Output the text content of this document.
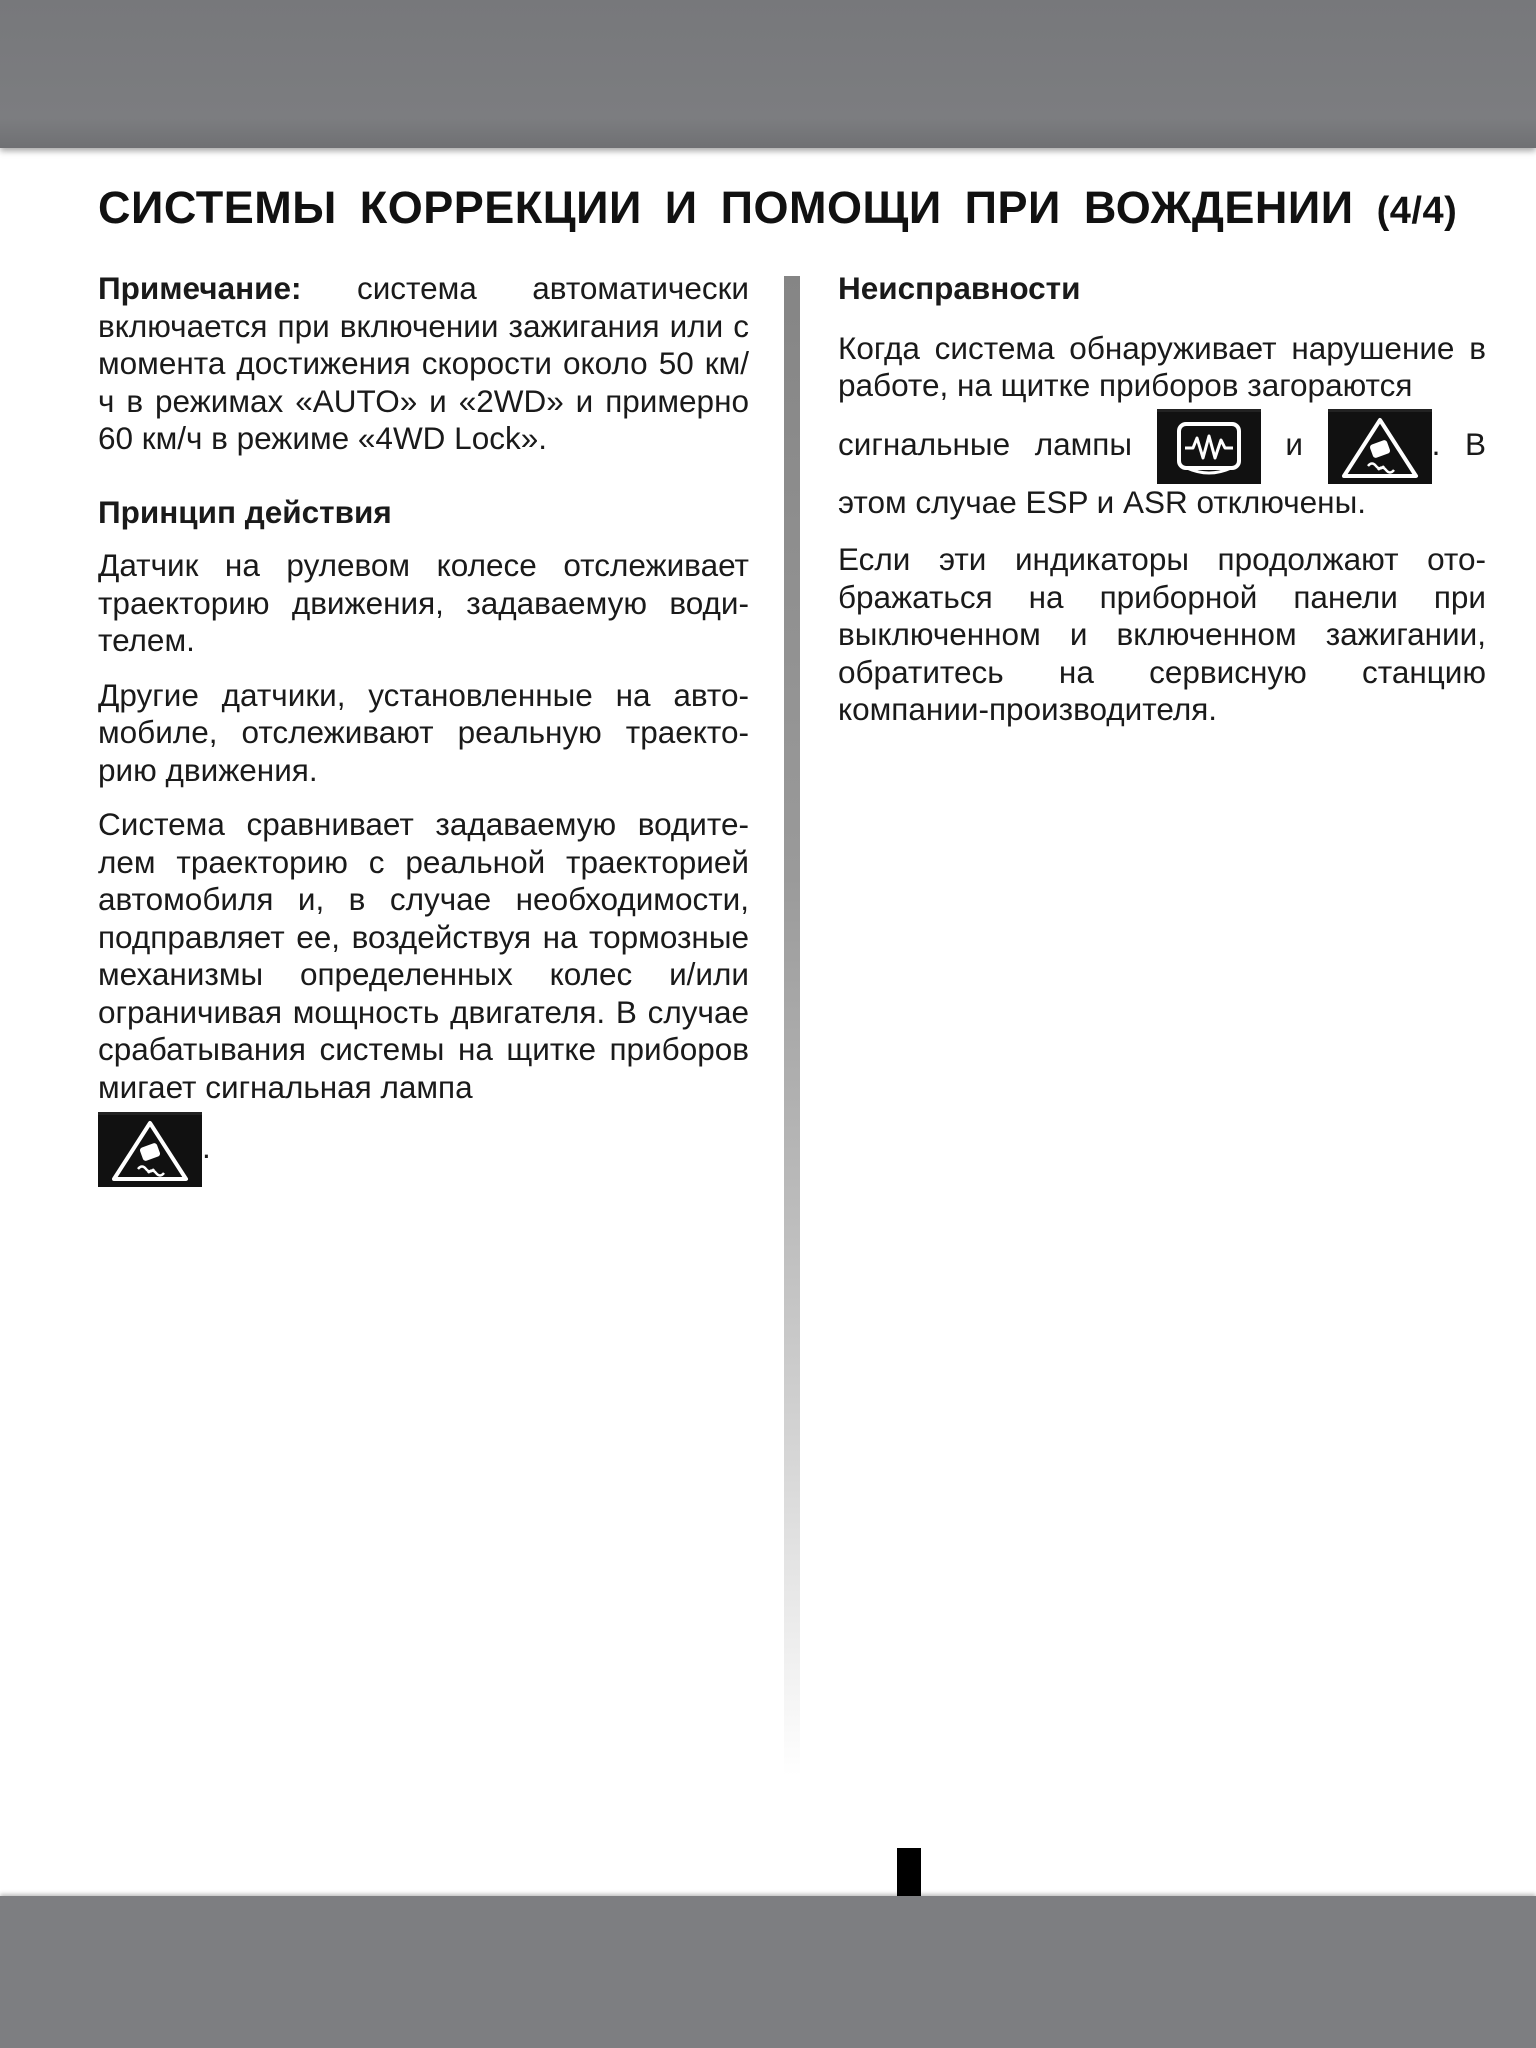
СИСТЕМЫ КОРРЕКЦИИ И ПОМОЩИ ПРИ ВОЖДЕНИИ (4/4)

Примечание: система автоматически включается при включении зажигания или с момента достижения скорости около 50 км/ч в режимах «AUTO» и «2WD» и примерно 60 км/ч в режиме «4WD Lock».

Принцип действия

Датчик на рулевом колесе отслеживает траекторию движения, задаваемую водителем.

Другие датчики, установленные на автомобиле, отслеживают реальную траекторию движения.

Система сравнивает задаваемую водителем траекторию с реальной траекторией автомобиля и, в случае необходимости, подправляет ее, воздействуя на тормозные механизмы определенных колес и/или ограничивая мощность двигателя. В случае срабатывания системы на щитке приборов мигает сигнальная лампа

.
Неисправности

Когда система обнаруживает нарушение в работе, на щитке приборов загораются

сигнальные лампы	и	. В

этом случае ESP и ASR отключены.

Если эти индикаторы продолжают отображаться на приборной панели при выключенном и включенном зажигании, обратитесь на сервисную станцию компании-производителя.
